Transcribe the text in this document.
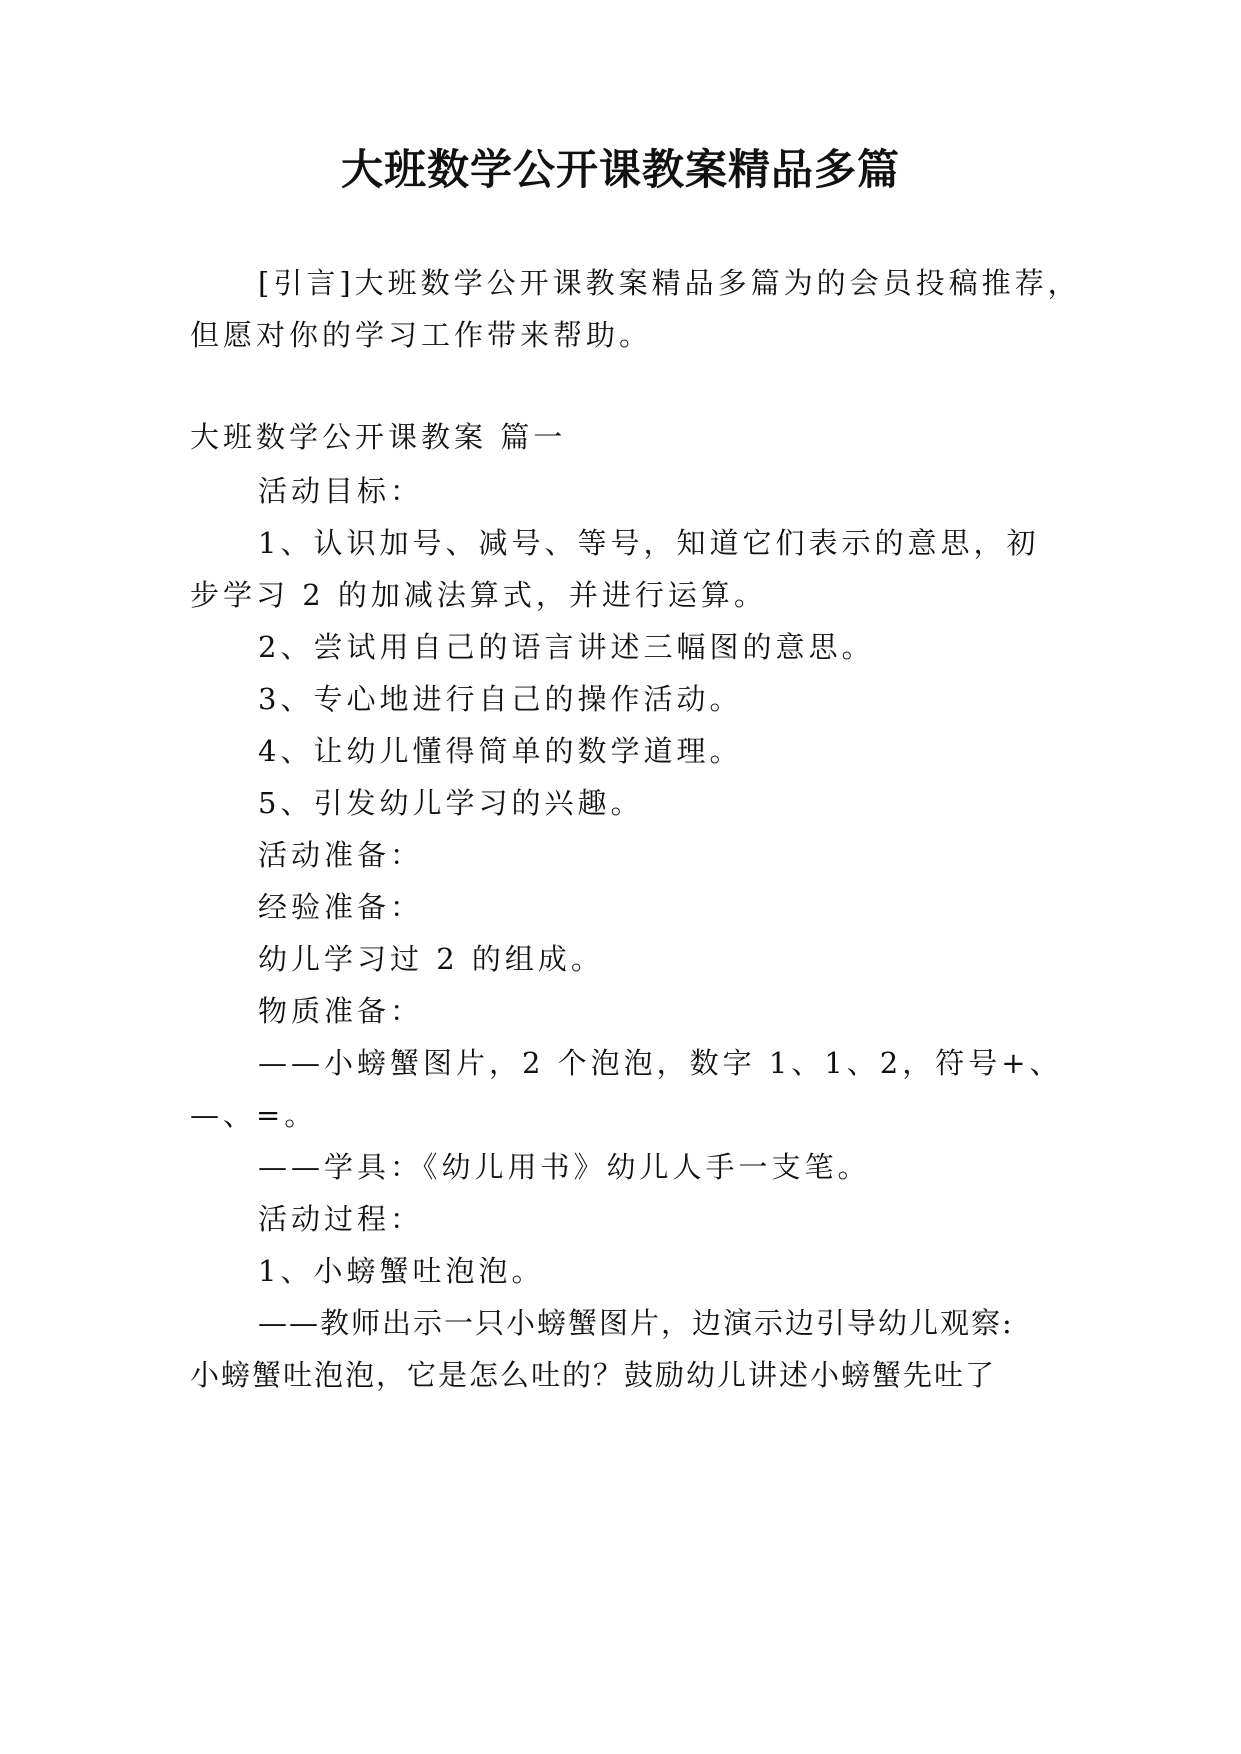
大班数学公开课教案精品多篇
[引言]大班数学公开课教案精品多篇为的会员投稿推荐，
但愿对你的学习工作带来帮助。
大班数学公开课教案 篇一
活动目标：
1、认识加号、减号、等号，知道它们表示的意思，初
步学习 2 的加减法算式，并进行运算。
2、尝试用自己的语言讲述三幅图的意思。
3、专心地进行自己的操作活动。
4、让幼儿懂得简单的数学道理。
5、引发幼儿学习的兴趣。
活动准备：
经验准备：
幼儿学习过 2 的组成。
物质准备：
——小螃蟹图片，2 个泡泡，数字 1、1、2，符号+、
—、=。
——学具：《幼儿用书》幼儿人手一支笔。
活动过程：
1、小螃蟹吐泡泡。
——教师出示一只小螃蟹图片，边演示边引导幼儿观察:
小螃蟹吐泡泡，它是怎么吐的？鼓励幼儿讲述小螃蟹先吐了
